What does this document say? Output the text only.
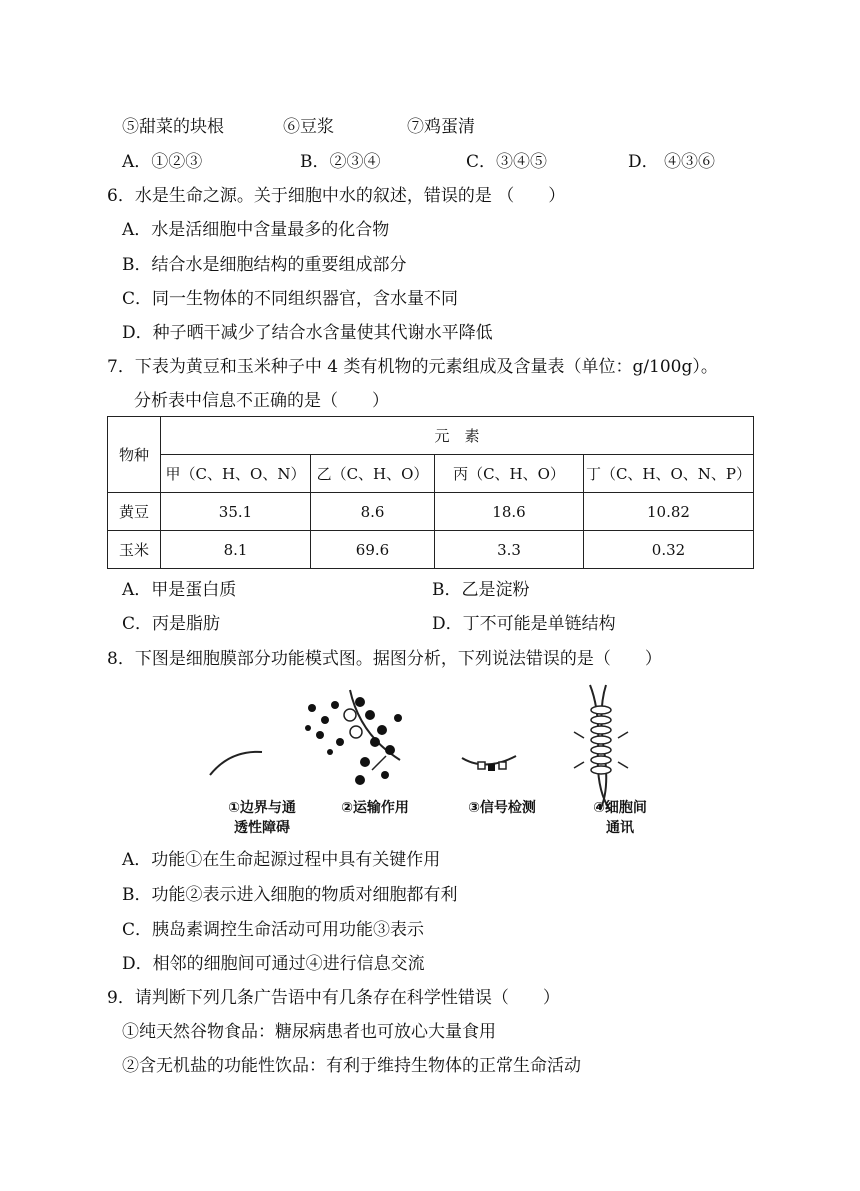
⑤甜菜的块根	⑥豆浆	⑦鸡蛋清
A．①②③	B．②③④	C．③④⑤	D． ④③⑥
6．水是生命之源。关于细胞中水的叙述，错误的是 （　　）
A．水是活细胞中含量最多的化合物
B．结合水是细胞结构的重要组成部分
C．同一生物体的不同组织器官，含水量不同
D．种子晒干减少了结合水含量使其代谢水平降低
7．下表为黄豆和玉米种子中 4 类有机物的元素组成及含量表（单位：g/100g）。
分析表中信息不正确的是（　　）
物种	元　素			
	甲（C、H、O、N）	乙（C、H、O）	丙（C、H、O）	丁（C、H、O、N、P）
黄豆	35.1	8.6	18.6	10.82
玉米	8.1	69.6	3.3	0.32
A．甲是蛋白质	B．乙是淀粉
C．丙是脂肪	D．丁不可能是单链结构
8．下图是细胞膜部分功能模式图。据图分析，下列说法错误的是（　　）
①边界与通
透性障碍
②运输作用	③信号检测	④细胞间
通讯
A．功能①在生命起源过程中具有关键作用
B．功能②表示进入细胞的物质对细胞都有利
C．胰岛素调控生命活动可用功能③表示
D．相邻的细胞间可通过④进行信息交流
9．请判断下列几条广告语中有几条存在科学性错误（　　）
①纯天然谷物食品：糖尿病患者也可放心大量食用
②含无机盐的功能性饮品：有利于维持生物体的正常生命活动
